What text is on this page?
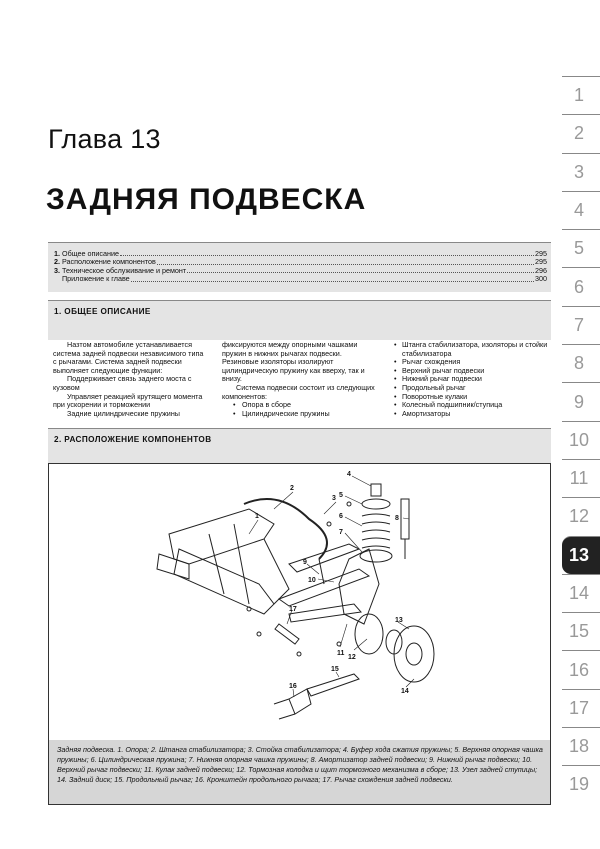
Глава 13
ЗАДНЯЯ ПОДВЕСКА
1. Общее описание	295
2. Расположение компонентов	295
3. Техническое обслуживание и ремонт	296
Приложение к главе	300
1. ОБЩЕЕ ОПИСАНИЕ

Назтом автомобиле устанавливается система задней подвески независимого типа с рычагами. Система задней подвески выполняет следующие функции:

Поддерживает связь заднего моста с кузовом

Управляет реакцией крутящего момента при ускорении и торможении

Задние цилиндрические пружины

фиксируются между опорными чашками пружин в нижних рычагах подвески. Резиновые изоляторы изолируют цилиндрическую пружину как вверху, так и внизу.

Система подвески состоит из следующих компонентов:

• Опора в сборе
• Цилиндрические пружины
• Штанга стабилизатора, изоляторы и стойки стабилизатора
• Рычаг схождения
• Верхний рычаг подвески
• Нижний рычаг подвески
• Продольный рычаг
• Поворотные кулаки
• Колесный подшипник/ступица
• Амортизаторы
2. РАСПОЛОЖЕНИЕ КОМПОНЕНТОВ
1
2
3
4
5
6
7
8
9
10
11
12
13
14
15
16
17
Задняя подвеска. 1. Опора; 2. Штанга стабилизатора; 3. Стойка стабилизатора; 4. Буфер хода сжатия пружины; 5. Верхняя опорная чашка пружины; 6. Цилиндрическая пружина; 7. Нижняя опорная чашка пружины; 8. Амортизатор задней подвески; 9. Нижний рычаг подвески; 10. Верхний рычаг подвески; 11. Кулак задней подвески; 12. Тормозная колодка и щит тормозного механизма в сборе; 13. Узел задней ступицы; 14. Задний диск; 15. Продольный рычаг; 16. Кронштейн продольного рычага; 17. Рычаг схождения задней подвески.
1
2
3
4
5
6
7
8
9
10
11
12
13
14
15
16
17
18
19
